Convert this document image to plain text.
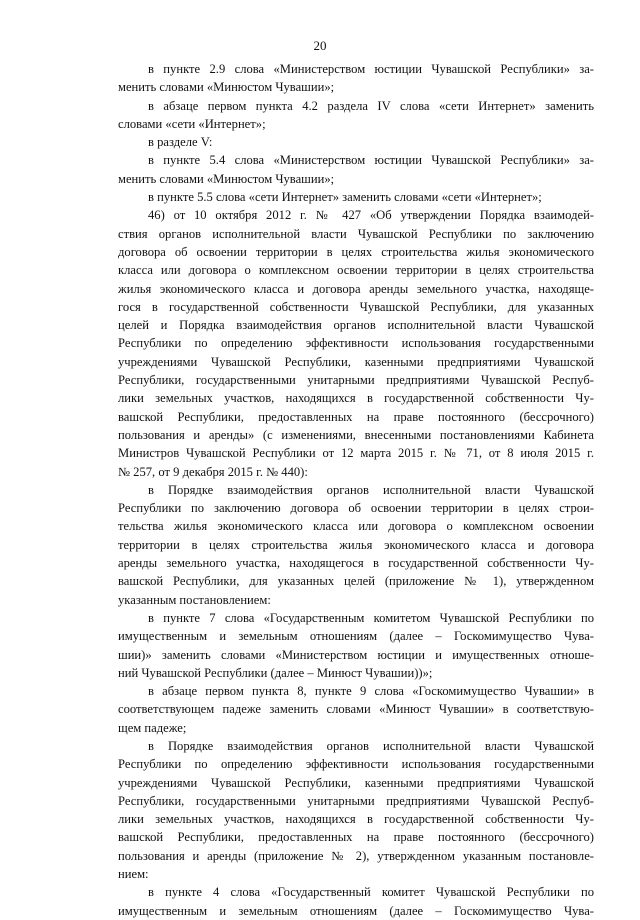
20
в пункте 2.9 слова «Министерством юстиции Чувашской Республики» за-
менить словами «Минюстом Чувашии»;
в абзаце первом пункта 4.2 раздела IV слова «сети Интернет» заменить
словами «сети «Интернет»;
в разделе V:
в пункте 5.4 слова «Министерством юстиции Чувашской Республики» за-
менить словами «Минюстом Чувашии»;
в пункте 5.5 слова «сети Интернет» заменить словами «сети «Интернет»;
46) от 10 октября 2012 г. № 427 «Об утверждении Порядка взаимодей-
ствия органов исполнительной власти Чувашской Республики по заключению
договора об освоении территории в целях строительства жилья экономического
класса или договора о комплексном освоении территории в целях строительства
жилья экономического класса и договора аренды земельного участка, находяще-
гося в государственной собственности Чувашской Республики, для указанных
целей и Порядка взаимодействия органов исполнительной власти Чувашской
Республики по определению эффективности использования государственными
учреждениями Чувашской Республики, казенными предприятиями Чувашской
Республики, государственными унитарными предприятиями Чувашской Респуб-
лики земельных участков, находящихся в государственной собственности Чу-
вашской Республики, предоставленных на праве постоянного (бессрочного)
пользования и аренды» (с изменениями, внесенными постановлениями Кабинета
Министров Чувашской Республики от 12 марта 2015 г. № 71, от 8 июля 2015 г.
№ 257, от 9 декабря 2015 г. № 440):
в Порядке взаимодействия органов исполнительной власти Чувашской
Республики по заключению договора об освоении территории в целях строи-
тельства жилья экономического класса или договора о комплексном освоении
территории в целях строительства жилья экономического класса и договора
аренды земельного участка, находящегося в государственной собственности Чу-
вашской Республики, для указанных целей (приложение № 1), утвержденном
указанным постановлением:
в пункте 7 слова «Государственным комитетом Чувашской Республики по
имущественным и земельным отношениям (далее – Госкомимущество Чува-
шии)» заменить словами «Министерством юстиции и имущественных отноше-
ний Чувашской Республики (далее – Минюст Чувашии))»;
в абзаце первом пункта 8, пункте 9 слова «Госкомимущество Чувашии» в
соответствующем падеже заменить словами «Минюст Чувашии» в соответствую-
щем падеже;
в Порядке взаимодействия органов исполнительной власти Чувашской
Республики по определению эффективности использования государственными
учреждениями Чувашской Республики, казенными предприятиями Чувашской
Республики, государственными унитарными предприятиями Чувашской Респуб-
лики земельных участков, находящихся в государственной собственности Чу-
вашской Республики, предоставленных на праве постоянного (бессрочного)
пользования и аренды (приложение № 2), утвержденном указанным постановле-
нием:
в пункте 4 слова «Государственный комитет Чувашской Республики по
имущественным и земельным отношениям (далее – Госкомимущество Чува-
